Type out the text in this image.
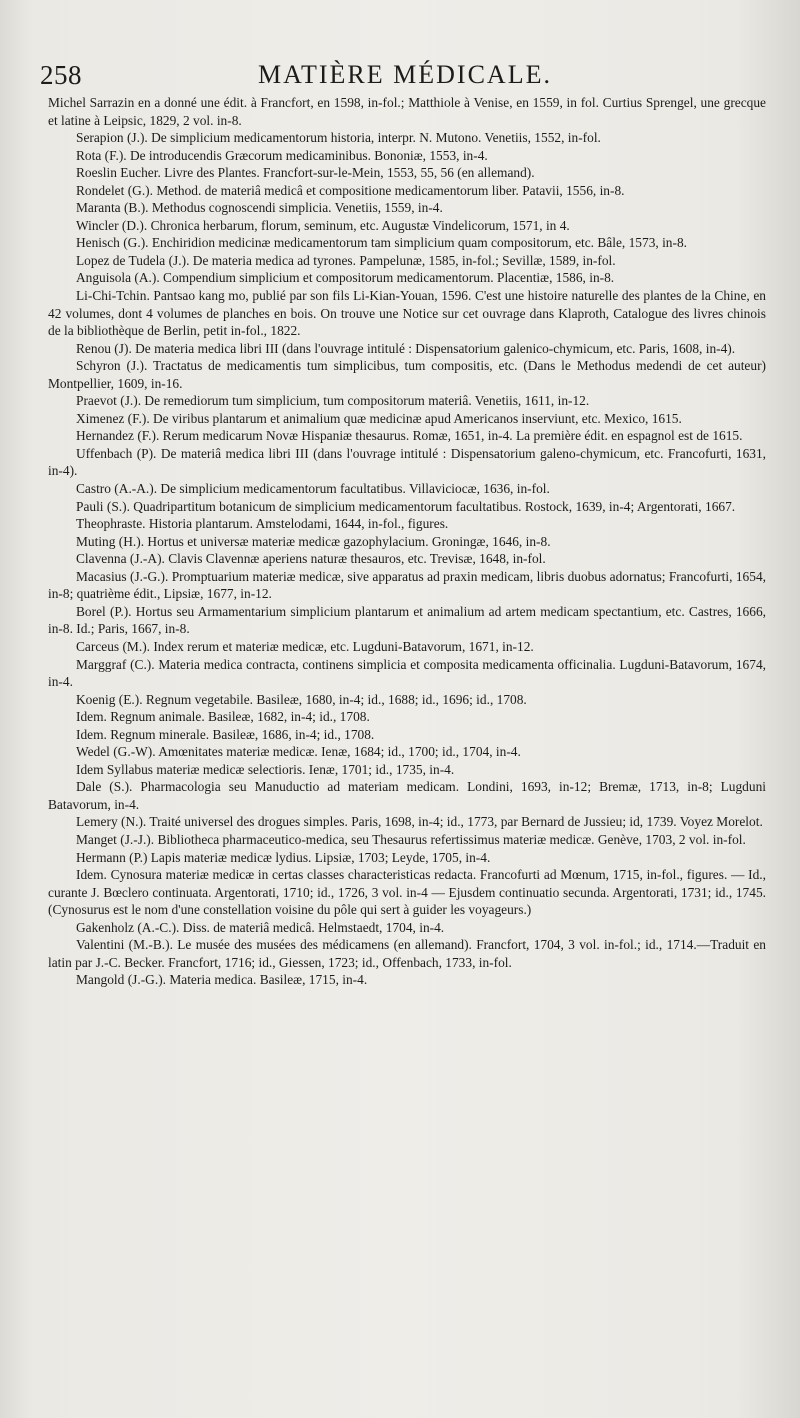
258	MATIÈRE MÉDICALE.

Michel Sarrazin en a donné une édit. à Francfort, en 1598, in-fol.; Matthiole à Venise, en 1559, in fol. Curtius Sprengel, une grecque et latine à Leipsic, 1829, 2 vol. in-8.

Serapion (J.). De simplicium medicamentorum historia, interpr. N. Mutono. Venetiis, 1552, in-fol.

Rota (F.). De introducendis Græcorum medicaminibus. Bononiæ, 1553, in-4.

Roeslin Eucher. Livre des Plantes. Francfort-sur-le-Mein, 1553, 55, 56 (en allemand).

Rondelet (G.). Method. de materiâ medicâ et compositione medicamentorum liber. Patavii, 1556, in-8.

Maranta (B.). Methodus cognoscendi simplicia. Venetiis, 1559, in-4.

Wincler (D.). Chronica herbarum, florum, seminum, etc. Augustæ Vindelicorum, 1571, in 4.

Henisch (G.). Enchiridion medicinæ medicamentorum tam simplicium quam compositorum, etc. Bâle, 1573, in-8.

Lopez de Tudela (J.). De materia medica ad tyrones. Pampelunæ, 1585, in-fol.; Sevillæ, 1589, in-fol.

Anguisola (A.). Compendium simplicium et compositorum medicamentorum. Placentiæ, 1586, in-8.

Li-Chi-Tchin. Pantsao kang mo, publié par son fils Li-Kian-Youan, 1596. C'est une histoire naturelle des plantes de la Chine, en 42 volumes, dont 4 volumes de planches en bois. On trouve une Notice sur cet ouvrage dans Klaproth, Catalogue des livres chinois de la bibliothèque de Berlin, petit in-fol., 1822.

Renou (J). De materia medica libri III (dans l'ouvrage intitulé : Dispensatorium galenico-chymicum, etc. Paris, 1608, in-4).

Schyron (J.). Tractatus de medicamentis tum simplicibus, tum compositis, etc. (Dans le Methodus medendi de cet auteur) Montpellier, 1609, in-16.

Praevot (J.). De remediorum tum simplicium, tum compositorum materiâ. Venetiis, 1611, in-12.

Ximenez (F.). De viribus plantarum et animalium quæ medicinæ apud Americanos inserviunt, etc. Mexico, 1615.

Hernandez (F.). Rerum medicarum Novæ Hispaniæ thesaurus. Romæ, 1651, in-4. La première édit. en espagnol est de 1615.

Uffenbach (P). De materiâ medica libri III (dans l'ouvrage intitulé : Dispensatorium galeno-chymicum, etc. Francofurti, 1631, in-4).

Castro (A.-A.). De simplicium medicamentorum facultatibus. Villaviciocæ, 1636, in-fol.

Pauli (S.). Quadripartitum botanicum de simplicium medicamentorum facultatibus. Rostock, 1639, in-4; Argentorati, 1667.

Theophraste. Historia plantarum. Amstelodami, 1644, in-fol., figures.

Muting (H.). Hortus et universæ materiæ medicæ gazophylacium. Groningæ, 1646, in-8.

Clavenna (J.-A). Clavis Clavennæ aperiens naturæ thesauros, etc. Trevisæ, 1648, in-fol.

Macasius (J.-G.). Promptuarium materiæ medicæ, sive apparatus ad praxin medicam, libris duobus adornatus; Francofurti, 1654, in-8; quatrième édit., Lipsiæ, 1677, in-12.

Borel (P.). Hortus seu Armamentarium simplicium plantarum et animalium ad artem medicam spectantium, etc. Castres, 1666, in-8. Id.; Paris, 1667, in-8.

Carceus (M.). Index rerum et materiæ medicæ, etc. Lugduni-Batavorum, 1671, in-12.

Marggraf (C.). Materia medica contracta, continens simplicia et composita medicamenta officinalia. Lugduni-Batavorum, 1674, in-4.

Koenig (E.). Regnum vegetabile. Basileæ, 1680, in-4; id., 1688; id., 1696; id., 1708.

Idem. Regnum animale. Basileæ, 1682, in-4; id., 1708.

Idem. Regnum minerale. Basileæ, 1686, in-4; id., 1708.

Wedel (G.-W). Amœnitates materiæ medicæ. Ienæ, 1684; id., 1700; id., 1704, in-4.

Idem Syllabus materiæ medicæ selectioris. Ienæ, 1701; id., 1735, in-4.

Dale (S.). Pharmacologia seu Manuductio ad materiam medicam. Londini, 1693, in-12; Bremæ, 1713, in-8; Lugduni Batavorum, in-4.

Lemery (N.). Traité universel des drogues simples. Paris, 1698, in-4; id., 1773, par Bernard de Jussieu; id, 1739. Voyez Morelot.

Manget (J.-J.). Bibliotheca pharmaceutico-medica, seu Thesaurus refertissimus materiæ medicæ. Genève, 1703, 2 vol. in-fol.

Hermann (P.) Lapis materiæ medicæ lydius. Lipsiæ, 1703; Leyde, 1705, in-4.

Idem. Cynosura materiæ medicæ in certas classes characteristicas redacta. Francofurti ad Mœnum, 1715, in-fol., figures. — Id., curante J. Bœclero continuata. Argentorati, 1710; id., 1726, 3 vol. in-4 — Ejusdem continuatio secunda. Argentorati, 1731; id., 1745. (Cynosurus est le nom d'une constellation voisine du pôle qui sert à guider les voyageurs.)

Gakenholz (A.-C.). Diss. de materiâ medicâ. Helmstaedt, 1704, in-4.

Valentini (M.-B.). Le musée des musées des médicamens (en allemand). Francfort, 1704, 3 vol. in-fol.; id., 1714.—Traduit en latin par J.-C. Becker. Francfort, 1716; id., Giessen, 1723; id., Offenbach, 1733, in-fol.

Mangold (J.-G.). Materia medica. Basileæ, 1715, in-4.
